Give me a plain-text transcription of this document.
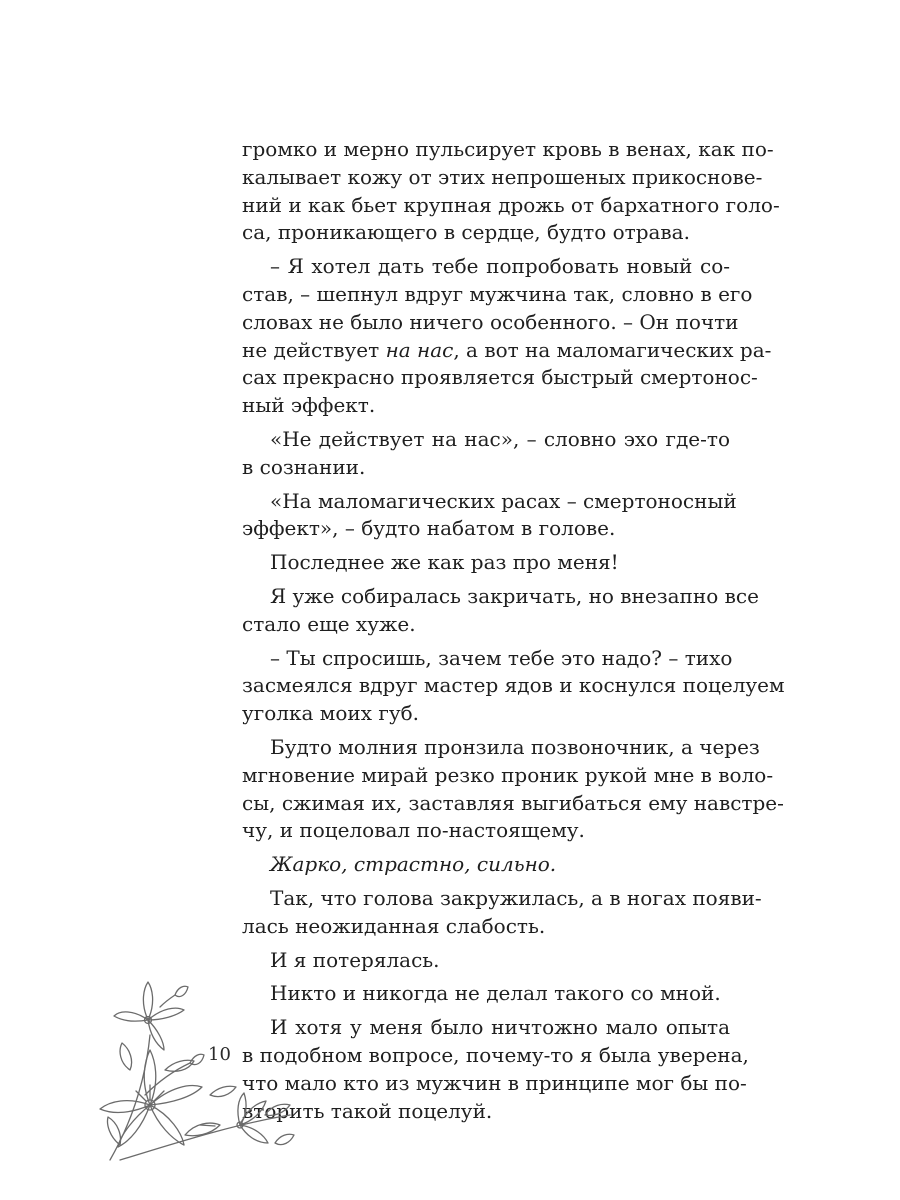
громко и мерно пульсирует кровь в венах, как по-
калывает кожу от этих непрошеных прикоснове-
ний и как бьет крупная дрожь от бархатного голо-
са, проникающего в сердце, будто отрава.
– Я хотел дать тебе попробовать новый со-
став, – шепнул вдруг мужчина так, словно в его
словах не было ничего особенного. – Он почти
не действует на нас, а вот на маломагических ра-
сах прекрасно проявляется быстрый смертонос-
ный эффект.
«Не действует на нас», – словно эхо где-то
в сознании.
«На маломагических расах – смертоносный
эффект», – будто набатом в голове.
Последнее же как раз про меня!
Я уже собиралась закричать, но внезапно все
стало еще хуже.
– Ты спросишь, зачем тебе это надо? – тихо
засмеялся вдруг мастер ядов и коснулся поцелуем
уголка моих губ.
Будто молния пронзила позвоночник, а через
мгновение мирай резко проник рукой мне в воло-
сы, сжимая их, заставляя выгибаться ему навстре-
чу, и поцеловал по-настоящему.
Жарко, страстно, сильно.
Так, что голова закружилась, а в ногах появи-
лась неожиданная слабость.
И я потерялась.
Никто и никогда не делал такого со мной.
И хотя у меня было ничтожно мало опыта
в подобном вопросе, почему-то я была уверена,
что мало кто из мужчин в принципе мог бы по-
вторить такой поцелуй.
10
